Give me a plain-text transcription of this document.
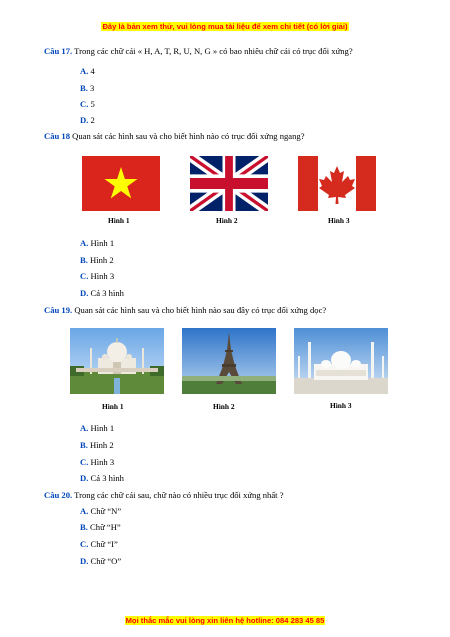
Đây là bản xem thử, vui lòng mua tài liệu để xem chi tiết (có lời giải)
Câu 17. Trong các chữ cái « H, A, T, R, U, N, G » có bao nhiêu chữ cái có trục đối xứng?
A. 4
B. 3
C. 5
D. 2
Câu 18 Quan sát các hình sau và cho biết hình nào có trục đối xứng ngang?
Hình 1	Hình 2	Hình 3
A. Hình 1
B. Hình 2
C. Hình 3
D. Cả 3 hình
Câu 19. Quan sát các hình sau và cho biết hình nào sau đây có trục đối xứng dọc?
Hình 1	Hình 2	Hình 3
A. Hình 1
B. Hình 2
C. Hình 3
D. Cả 3 hình
Câu 20. Trong các chữ cái sau, chữ nào có nhiều trục đối xứng nhất ?
A. Chữ “N”
B. Chữ “H”
C. Chữ “I”
D. Chữ “O”
Mọi thắc mắc vui lòng xin liên hệ hotline: 084 283 45 85
